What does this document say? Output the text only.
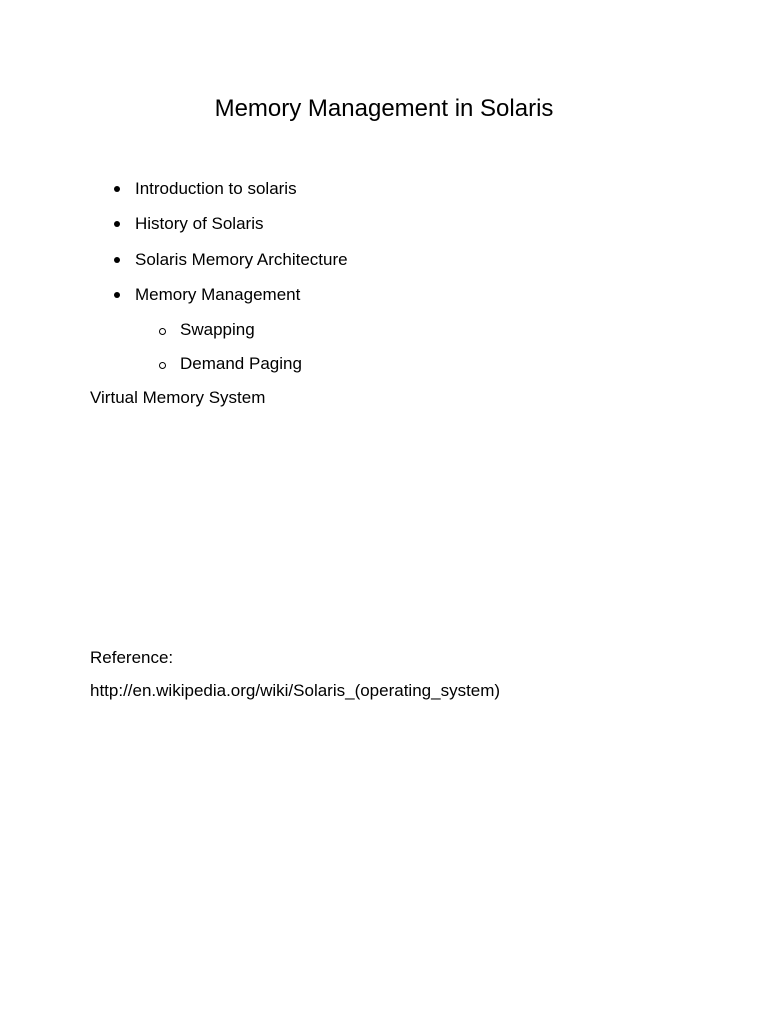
Memory Management in Solaris
Introduction to solaris
History of Solaris
Solaris Memory Architecture
Memory Management
Swapping
Demand Paging
Virtual Memory System
Reference:
http://en.wikipedia.org/wiki/Solaris_(operating_system)
